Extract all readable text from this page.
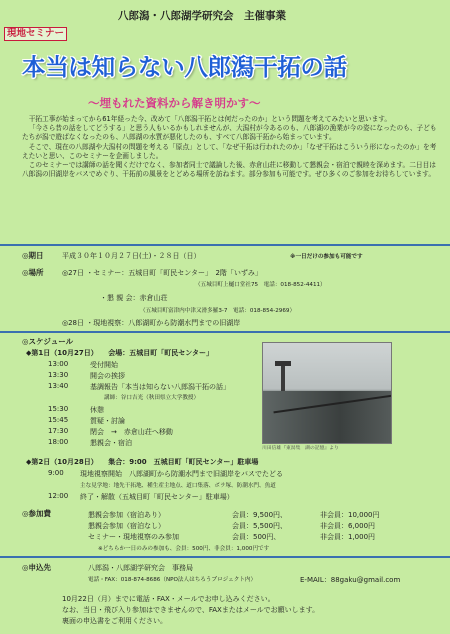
八郎潟・八郎湖学研究会　主催事業
現地セミナー
本当は知らない八郎潟干拓の話
〜埋もれた資料から解き明かす〜

干拓工事が始まってから61年経った今、改めて「八郎潟干拓とは何だったのか」という問題を考えてみたいと思います。

「今さら昔の話をしてどうする」と思う人もいるかもしれませんが、大潟村が今あるのも、八郎湖の漁業が今の姿になったのも、子どもたちが潟で遊ばなくなったのも、八郎湖の水質が悪化したのも、すべて八郎潟干拓から始まっています。

そこで、現在の八郎湖や大潟村の問題を考える「原点」として、「なぜ干拓は行われたのか」「なぜ干拓はこういう形になったのか」を考えたいと思い、このセミナーを企画しました。

このセミナーでは講師の話を聞くだけでなく、参加者同士で議論した後、赤倉山荘に移動して懇親会・宿泊で親睦を深めます。二日目は八郎潟の旧湖岸をバスでめぐり、干拓前の風景をとどめる場所を訪ねます。部分参加も可能です。ぜひ多くのご参加をお待ちしています。

◎期日	平成３０年１０月２７日(土)・２８日（日）	※一日だけの参加も可能です
◎場所	◎27日 ・セミナー：五城目町「町民センター」　2階「いずみ」
（五城目町上樋口堂社75　電話：018-852-4411）
・懇 親 会：赤倉山荘
（五城目町富津内中津又滑多羅3-7　電話：018-854-2969）
◎28日 ・現地視察：八郎湖町から防潮水門までの旧湖岸
◎スケジュール
◆第1日（10月27日）　　会場：五城目町「町民センター」
13:00	受付開始
13:30	開会の挨拶
13:40	基調報告「本当は知らない八郎潟干拓の話」
講師：谷口吉光（秋田県立大学教授）
15:30	休憩
15:45	質疑・討論
17:30	閉会　→　赤倉山荘へ移動
18:00	懇親会・宿泊
川田信雄『東潟集　湖の記憶』より
◆第2日（10月28日）　　集合：9:00　五城目町「町民センター」駐車場
9:00 現地視察開始　八郎湖町から防潮水門まで旧湖岸をバスでたどる
主な見学地：地先干拓地、種生産主地点、道口集落、ボラ塚、防潮水門、魚道
12:00 終了・解散（五城目町「町民センター」駐車場）
◎参加費	懇親会参加（宿泊あり）	会員：9,500円、	非会員：10,000円
懇親会参加（宿泊なし）	会員：5,500円、	非会員：6,000円
セミナー・現地視察のみ参加	会員：500円、	非会員：1,000円
※どちらか一日のみの参加も、会員：500円、非会員：1,000円です
◎申込先	八郎潟・八郎湖学研究会　事務局
電話・FAX：018-874-8686（NPO法人はちろうプロジェクト内）	E-MAIL：88gaku@gmail.com
10月22日（月）までに電話・FAX・メールでお申し込みください。
なお、当日・飛び入り参加はできませんので、FAXまたはメールでお願いします。
裏面の申込書をご利用ください。
